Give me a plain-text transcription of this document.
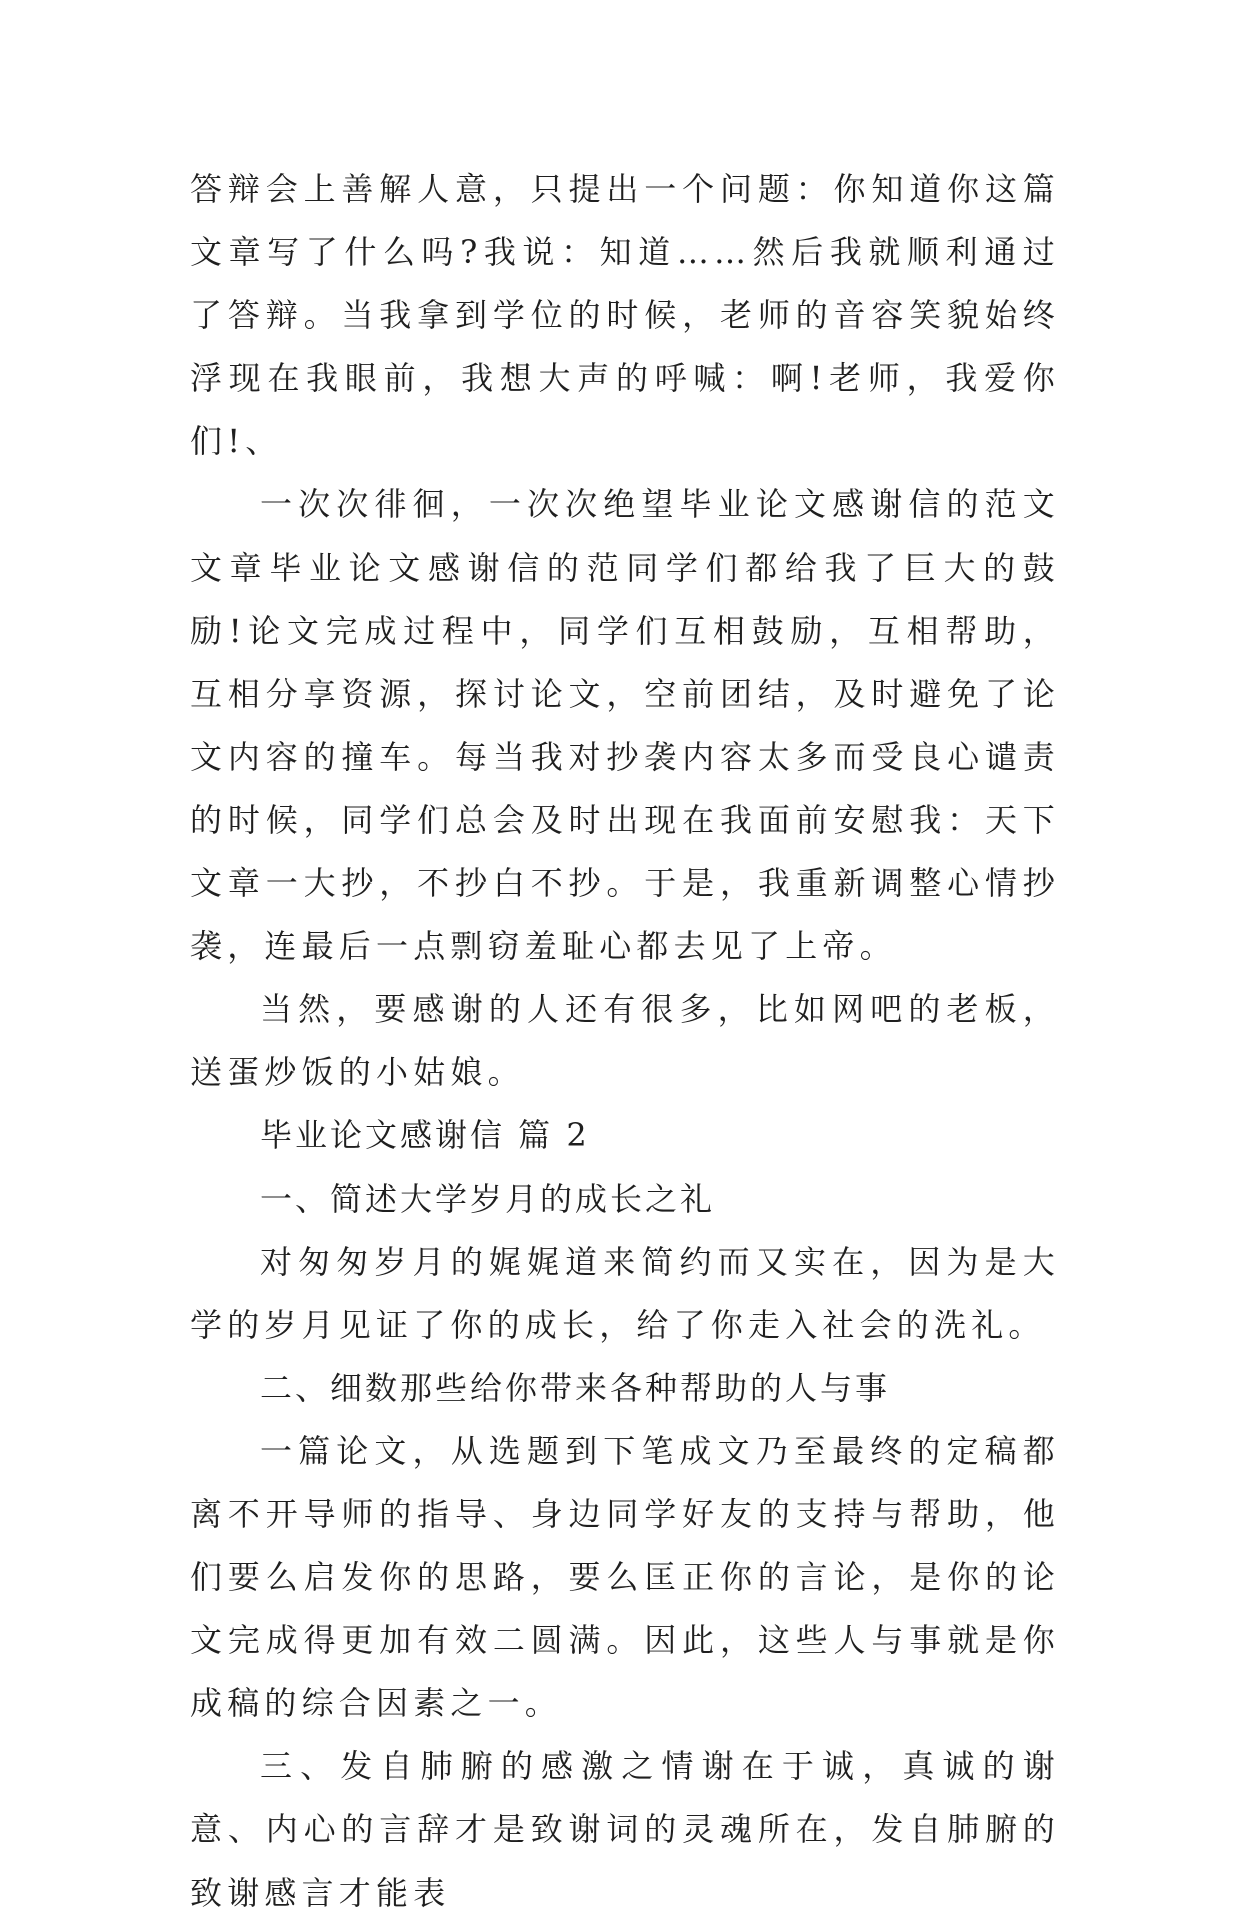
答辩会上善解人意，只提出一个问题：你知道你这篇文章写了什么吗?我说：知道……然后我就顺利通过了答辩。当我拿到学位的时候，老师的音容笑貌始终浮现在我眼前，我想大声的呼喊：啊!老师，我爱你们!、

一次次徘徊，一次次绝望毕业论文感谢信的范文文章毕业论文感谢信的范同学们都给我了巨大的鼓励!论文完成过程中，同学们互相鼓励，互相帮助，互相分享资源，探讨论文，空前团结，及时避免了论文内容的撞车。每当我对抄袭内容太多而受良心谴责的时候，同学们总会及时出现在我面前安慰我：天下文章一大抄，不抄白不抄。于是，我重新调整心情抄袭，连最后一点剽窃羞耻心都去见了上帝。

当然，要感谢的人还有很多，比如网吧的老板，送蛋炒饭的小姑娘。

毕业论文感谢信 篇 2

一、简述大学岁月的成长之礼

对匆匆岁月的娓娓道来简约而又实在，因为是大学的岁月见证了你的成长，给了你走入社会的洗礼。

二、细数那些给你带来各种帮助的人与事

一篇论文，从选题到下笔成文乃至最终的定稿都离不开导师的指导、身边同学好友的支持与帮助，他们要么启发你的思路，要么匡正你的言论，是你的论文完成得更加有效二圆满。因此，这些人与事就是你成稿的综合因素之一。

三、发自肺腑的感激之情谢在于诚，真诚的谢意、内心的言辞才是致谢词的灵魂所在，发自肺腑的致谢感言才能表
